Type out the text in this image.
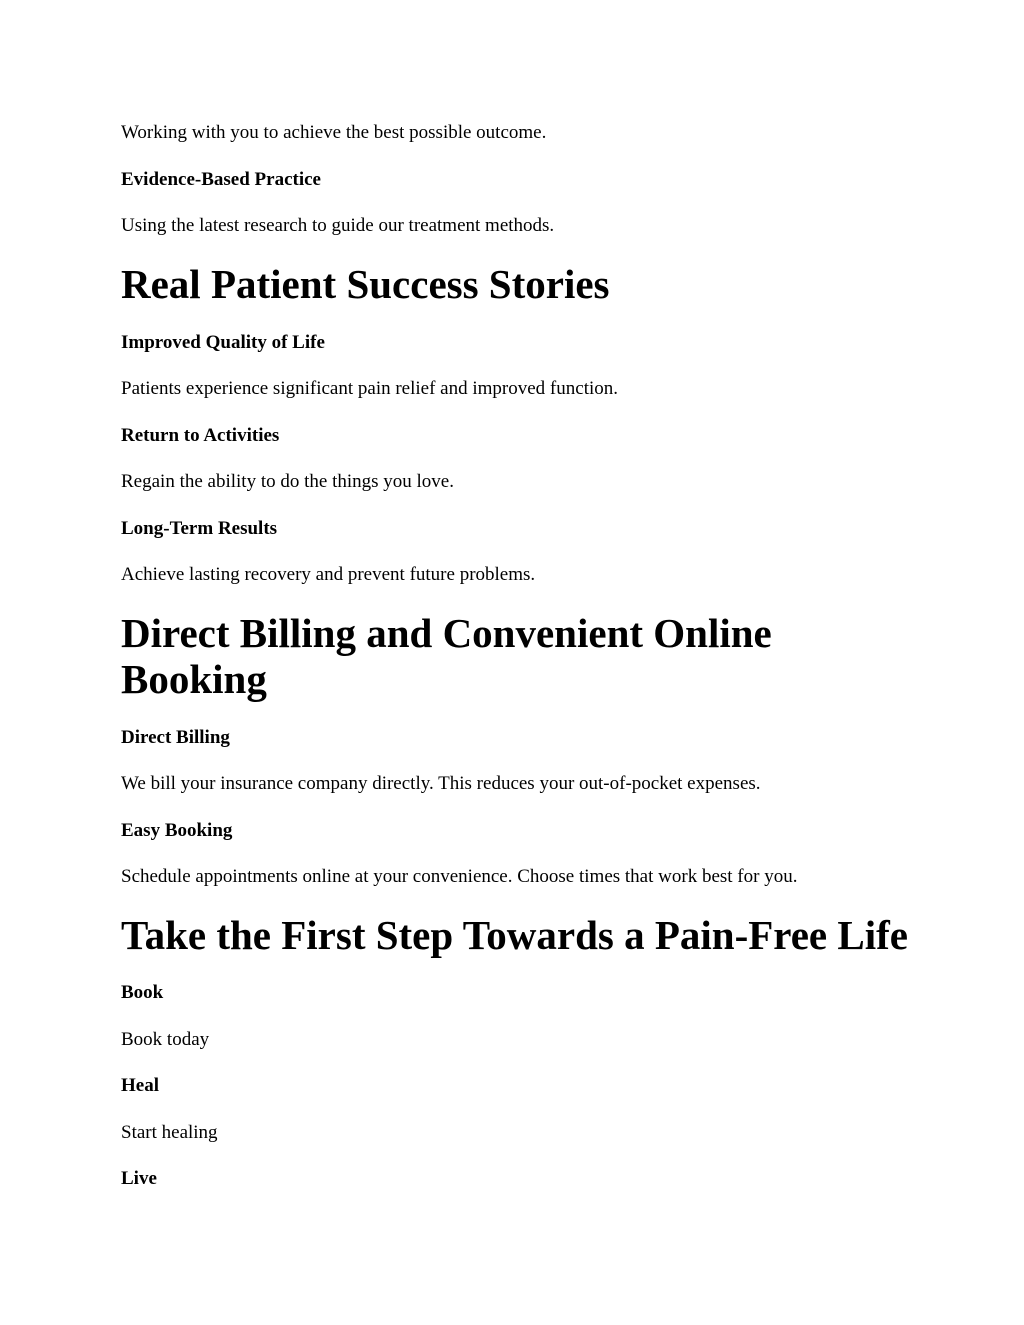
Working with you to achieve the best possible outcome.
Evidence-Based Practice
Using the latest research to guide our treatment methods.
Real Patient Success Stories
Improved Quality of Life
Patients experience significant pain relief and improved function.
Return to Activities
Regain the ability to do the things you love.
Long-Term Results
Achieve lasting recovery and prevent future problems.
Direct Billing and Convenient Online Booking
Direct Billing
We bill your insurance company directly. This reduces your out-of-pocket expenses.
Easy Booking
Schedule appointments online at your convenience. Choose times that work best for you.
Take the First Step Towards a Pain-Free Life
Book
Book today
Heal
Start healing
Live
